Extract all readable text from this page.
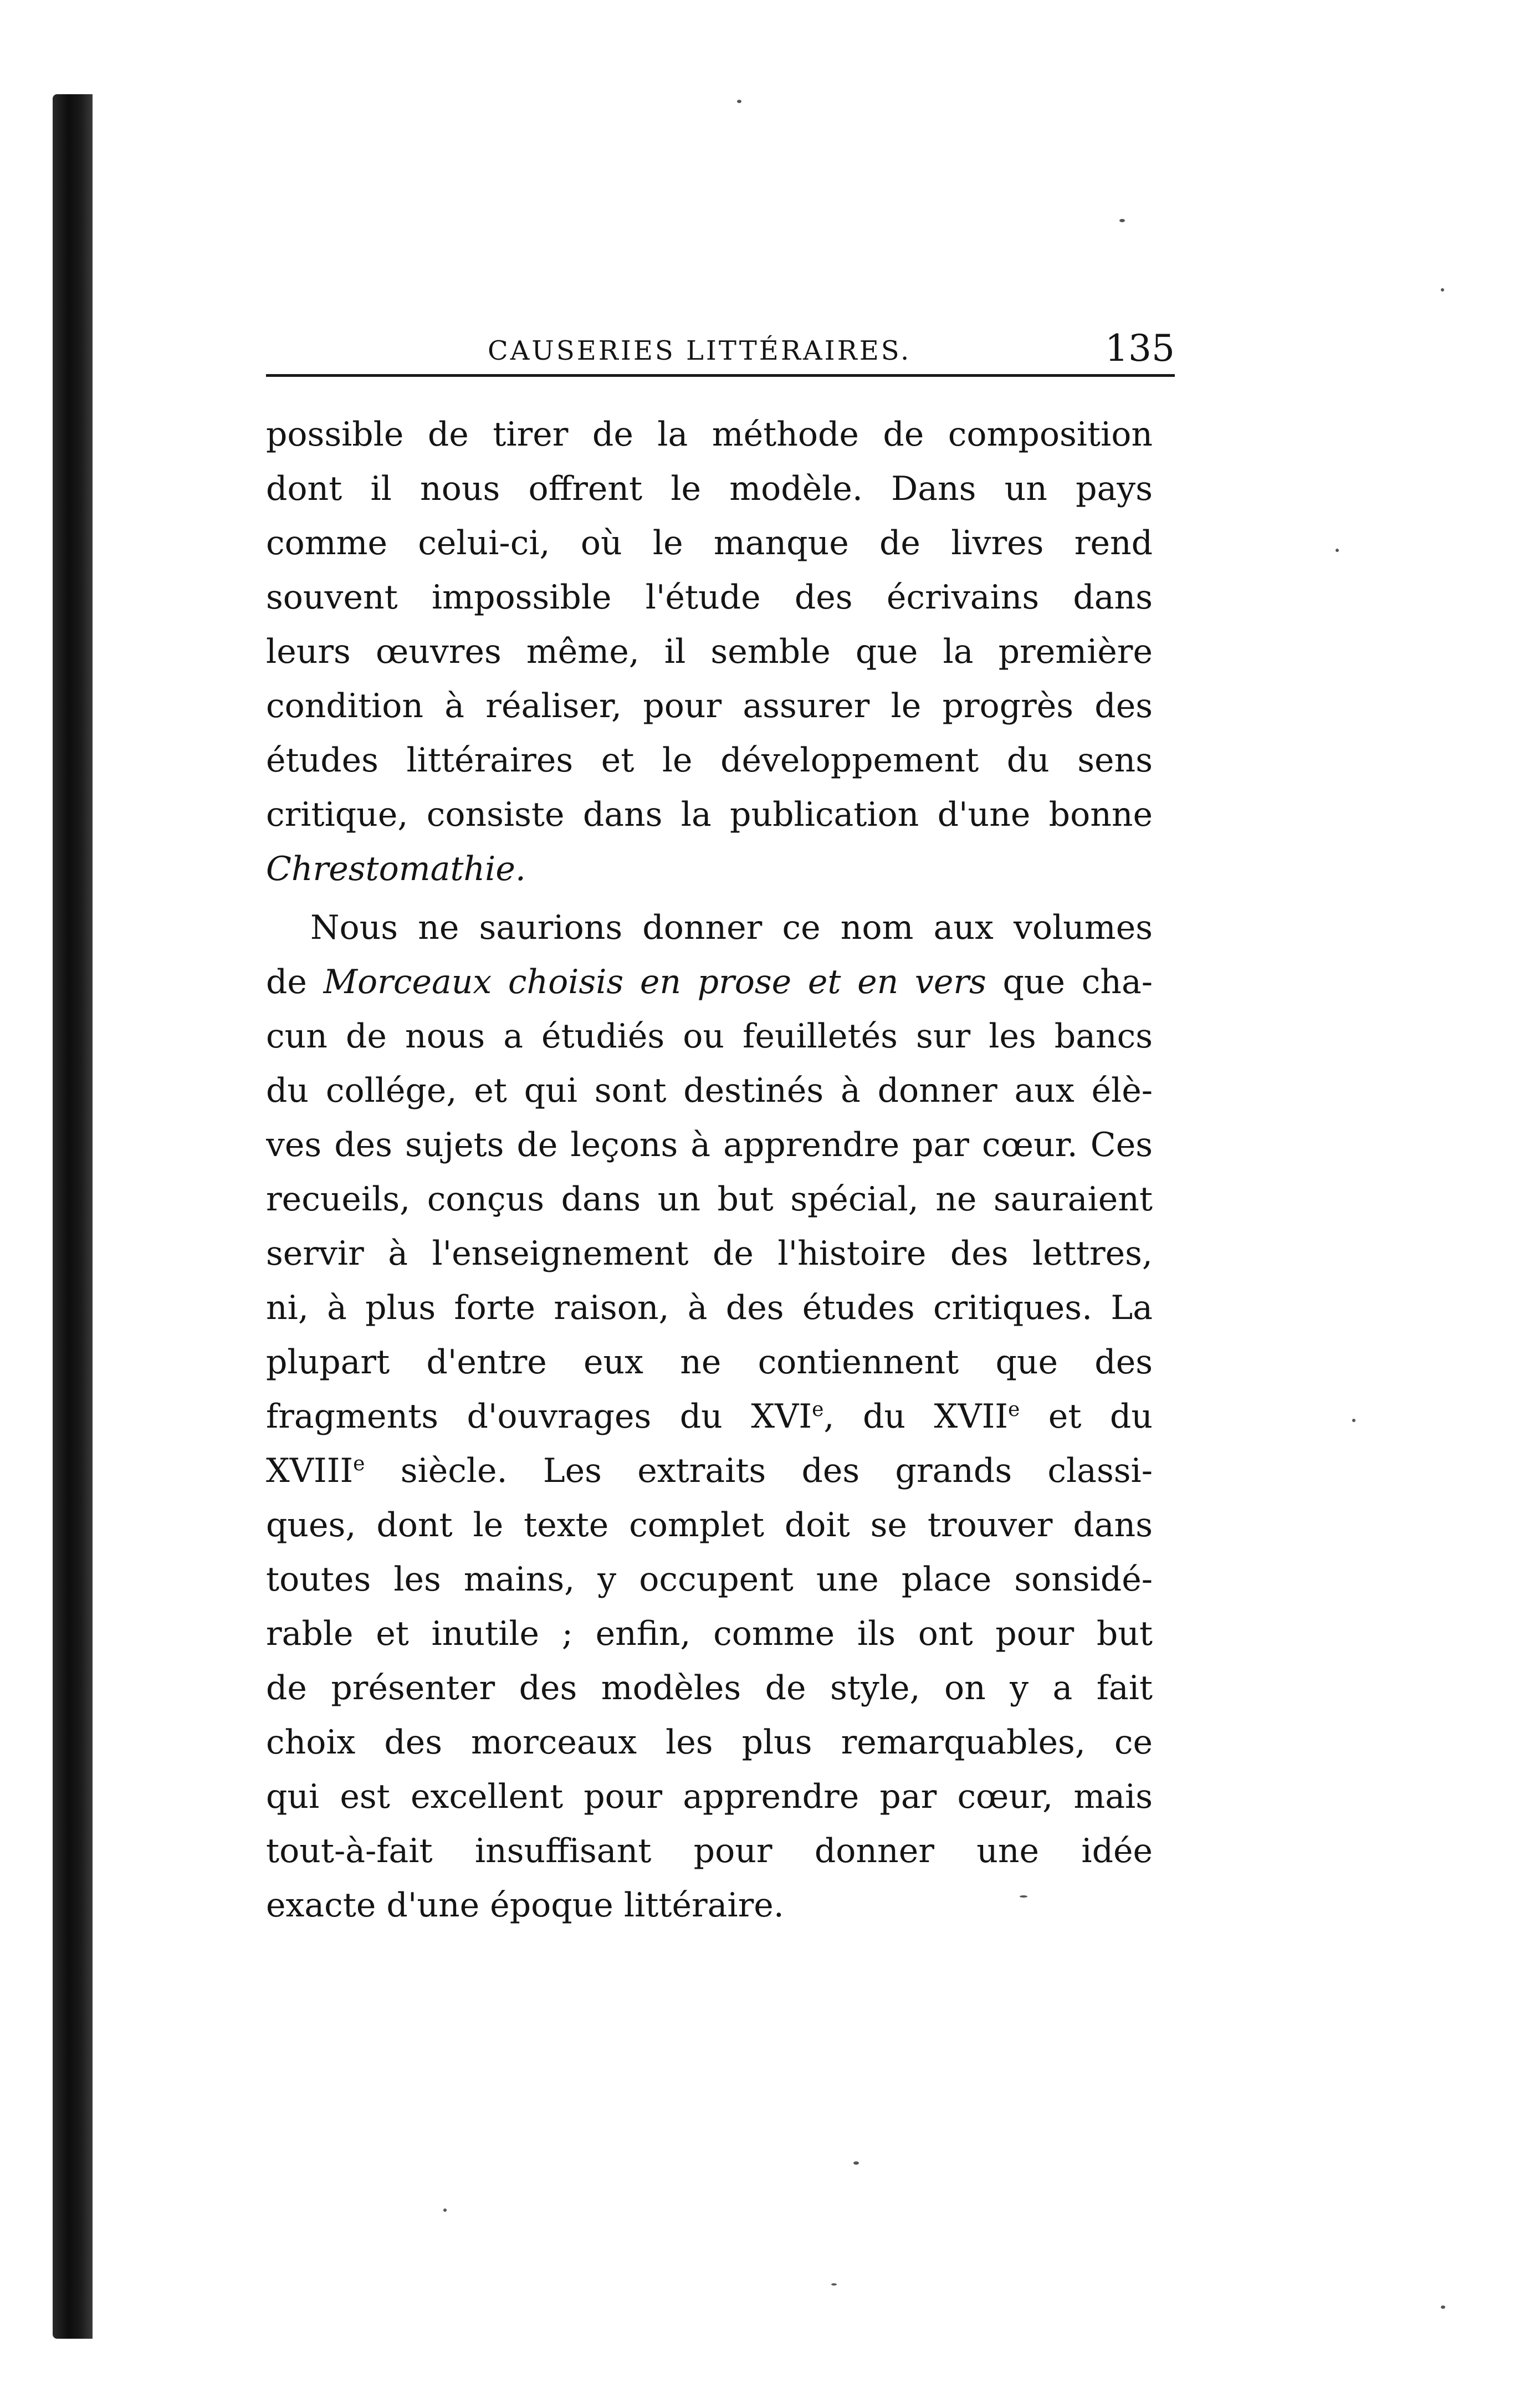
CAUSERIES LITTÉRAIRES.	135
possible de tirer de la méthode de composition
dont il nous offrent le modèle. Dans un pays
comme celui-ci, où le manque de livres rend
souvent impossible l'étude des écrivains dans
leurs œuvres même, il semble que la première
condition à réaliser, pour assurer le progrès des
études littéraires et le développement du sens
critique, consiste dans la publication d'une bonne
Chrestomathie.
Nous ne saurions donner ce nom aux volumes
de Morceaux choisis en prose et en vers que cha-
cun de nous a étudiés ou feuilletés sur les bancs
du collége, et qui sont destinés à donner aux élè-
ves des sujets de leçons à apprendre par cœur. Ces
recueils, conçus dans un but spécial, ne sauraient
servir à l'enseignement de l'histoire des lettres,
ni, à plus forte raison, à des études critiques. La
plupart d'entre eux ne contiennent que des
fragments d'ouvrages du XVIe, du XVIIe et du
XVIIIe siècle. Les extraits des grands classi-
ques, dont le texte complet doit se trouver dans
toutes les mains, y occupent une place sonsidé-
rable et inutile ; enfin, comme ils ont pour but
de présenter des modèles de style, on y a fait
choix des morceaux les plus remarquables, ce
qui est excellent pour apprendre par cœur, mais
tout-à-fait insuffisant pour donner une idée
exacte d'une époque littéraire.
